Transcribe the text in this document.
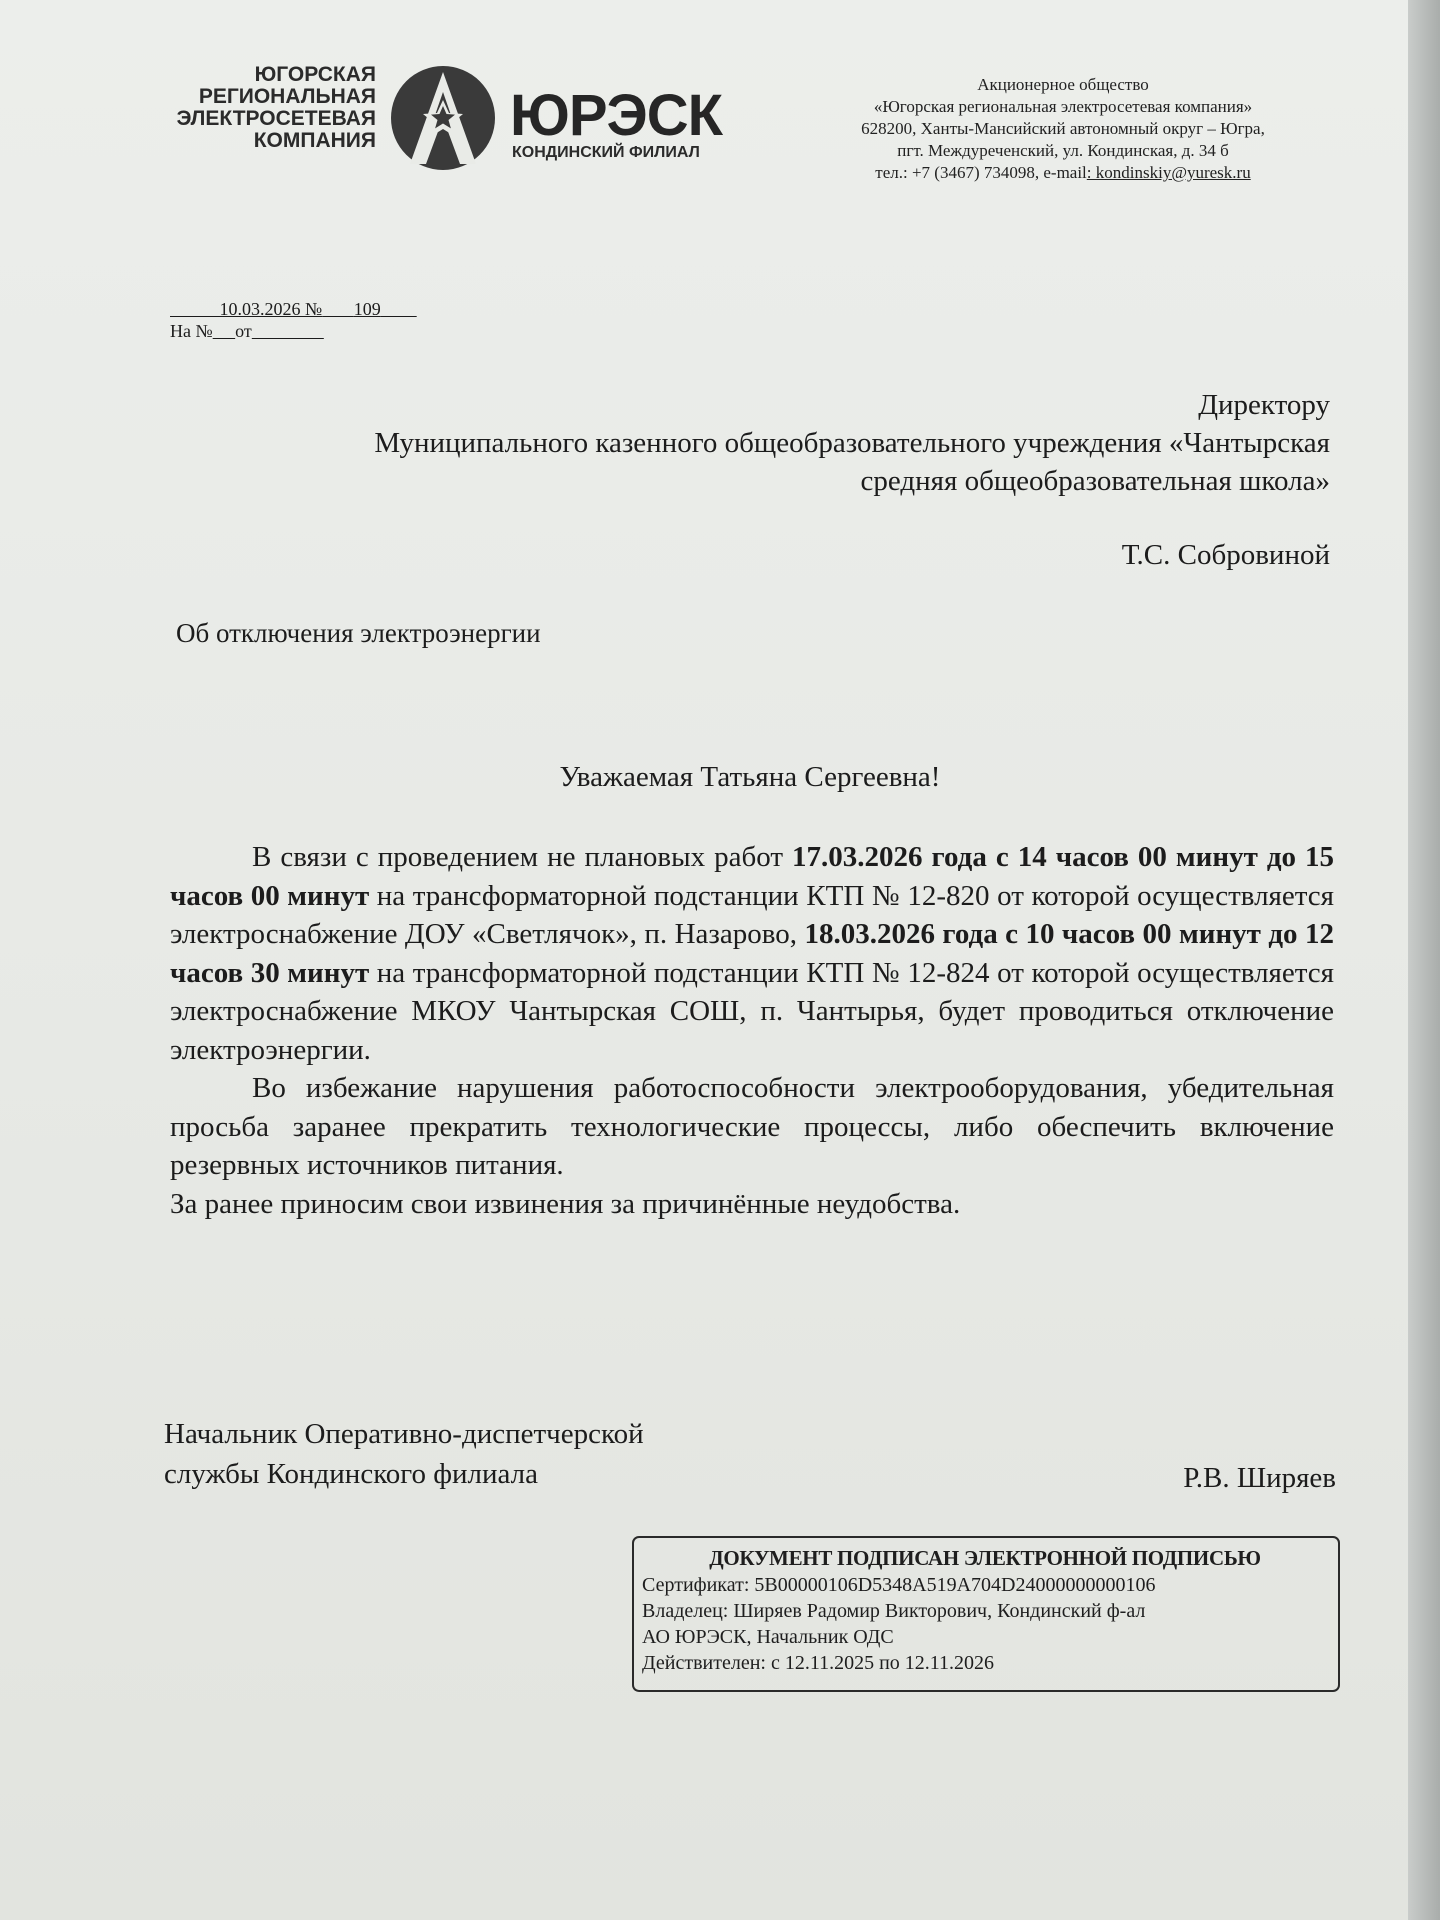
ЮГОРСКАЯ
РЕГИОНАЛЬНАЯ
ЭЛЕКТРОСЕТЕВАЯ
КОМПАНИЯ ЮРЭСК
КОНДИНСКИЙ ФИЛИАЛ
Акционерное общество
«Югорская региональная электросетевая компания»
628200, Ханты-Мансийский автономный округ – Югра,
пгт. Междуреченский, ул. Кондинская, д. 34 б
тел.: +7 (3467) 734098, e-mail: kondinskiy@yuresk.ru
10.03.2026 № 109
На № от
Директору
Муниципального казенного общеобразовательного учреждения «Чантырская
средняя общеобразовательная школа»
Т.С. Собровиной
Об отключения электроэнергии
Уважаемая Татьяна Сергеевна!

В связи с проведением не плановых работ 17.03.2026 года с 14 часов 00 минут до 15 часов 00 минут на трансформаторной подстанции КТП № 12-820 от которой осуществляется электроснабжение ДОУ «Светлячок», п. Назарово, 18.03.2026 года с 10 часов 00 минут до 12 часов 30 минут на трансформаторной подстанции КТП № 12-824 от которой осуществляется электроснабжение МКОУ Чантырская СОШ, п. Чантырья, будет проводиться отключение электроэнергии.

Во избежание нарушения работоспособности электрооборудования, убедительная просьба заранее прекратить технологические процессы, либо обеспечить включение резервных источников питания.

За ранее приносим свои извинения за причинённые неудобства.

Начальник Оперативно-диспетчерской
службы Кондинского филиала	Р.В. Ширяев
ДОКУМЕНТ ПОДПИСАН ЭЛЕКТРОННОЙ ПОДПИСЬЮ
Сертификат: 5B00000106D5348A519A704D24000000000106
Владелец: Ширяев Радомир Викторович, Кондинский ф-ал
АО ЮРЭСК, Начальник ОДС
Действителен: с 12.11.2025 по 12.11.2026
